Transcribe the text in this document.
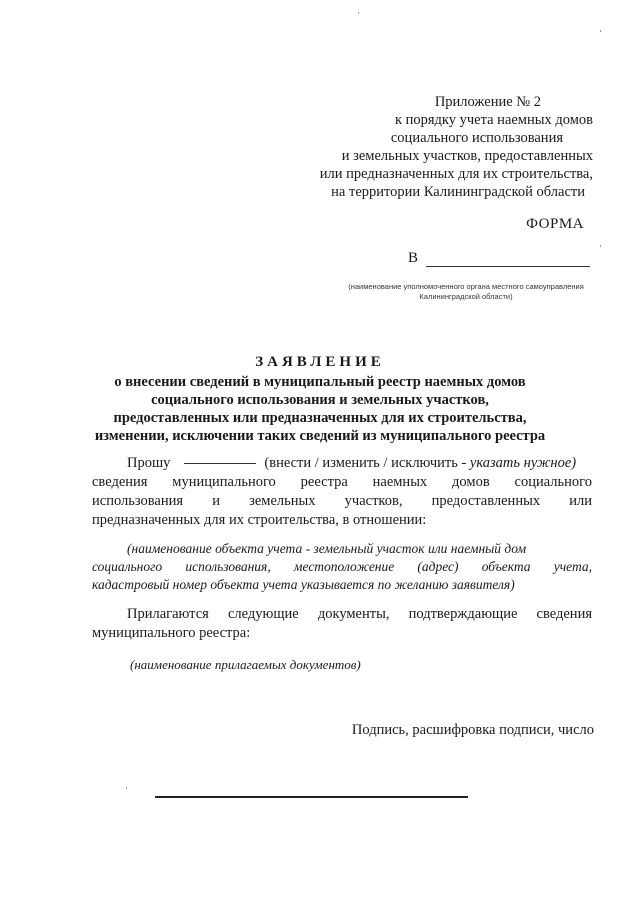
Приложение № 2
к порядку учета наемных домов
социального использования
и земельных участков, предоставленных
или предназначенных для их строительства,
на территории Калининградской области
ФОРМА
В
(наименование уполномоченного органа местного самоуправления
Калининградской области)
ЗАЯВЛЕНИЕ
о внесении сведений в муниципальный реестр наемных домов
социального использования и земельных участков,
предоставленных или предназначенных для их строительства,
изменении, исключении таких сведений из муниципального реестра
Прошу	(внести / изменить / исключить - указать нужное)
сведения муниципального реестра наемных домов социального
использования и земельных участков, предоставленных или
предназначенных для их строительства, в отношении:
(наименование объекта учета - земельный участок или наемный дом
социального использования, местоположение (адрес) объекта учета,
кадастровый номер объекта учета указывается по желанию заявителя)
Прилагаются следующие документы, подтверждающие сведения
муниципального реестра:
(наименование прилагаемых документов)
Подпись, расшифровка подписи, число
